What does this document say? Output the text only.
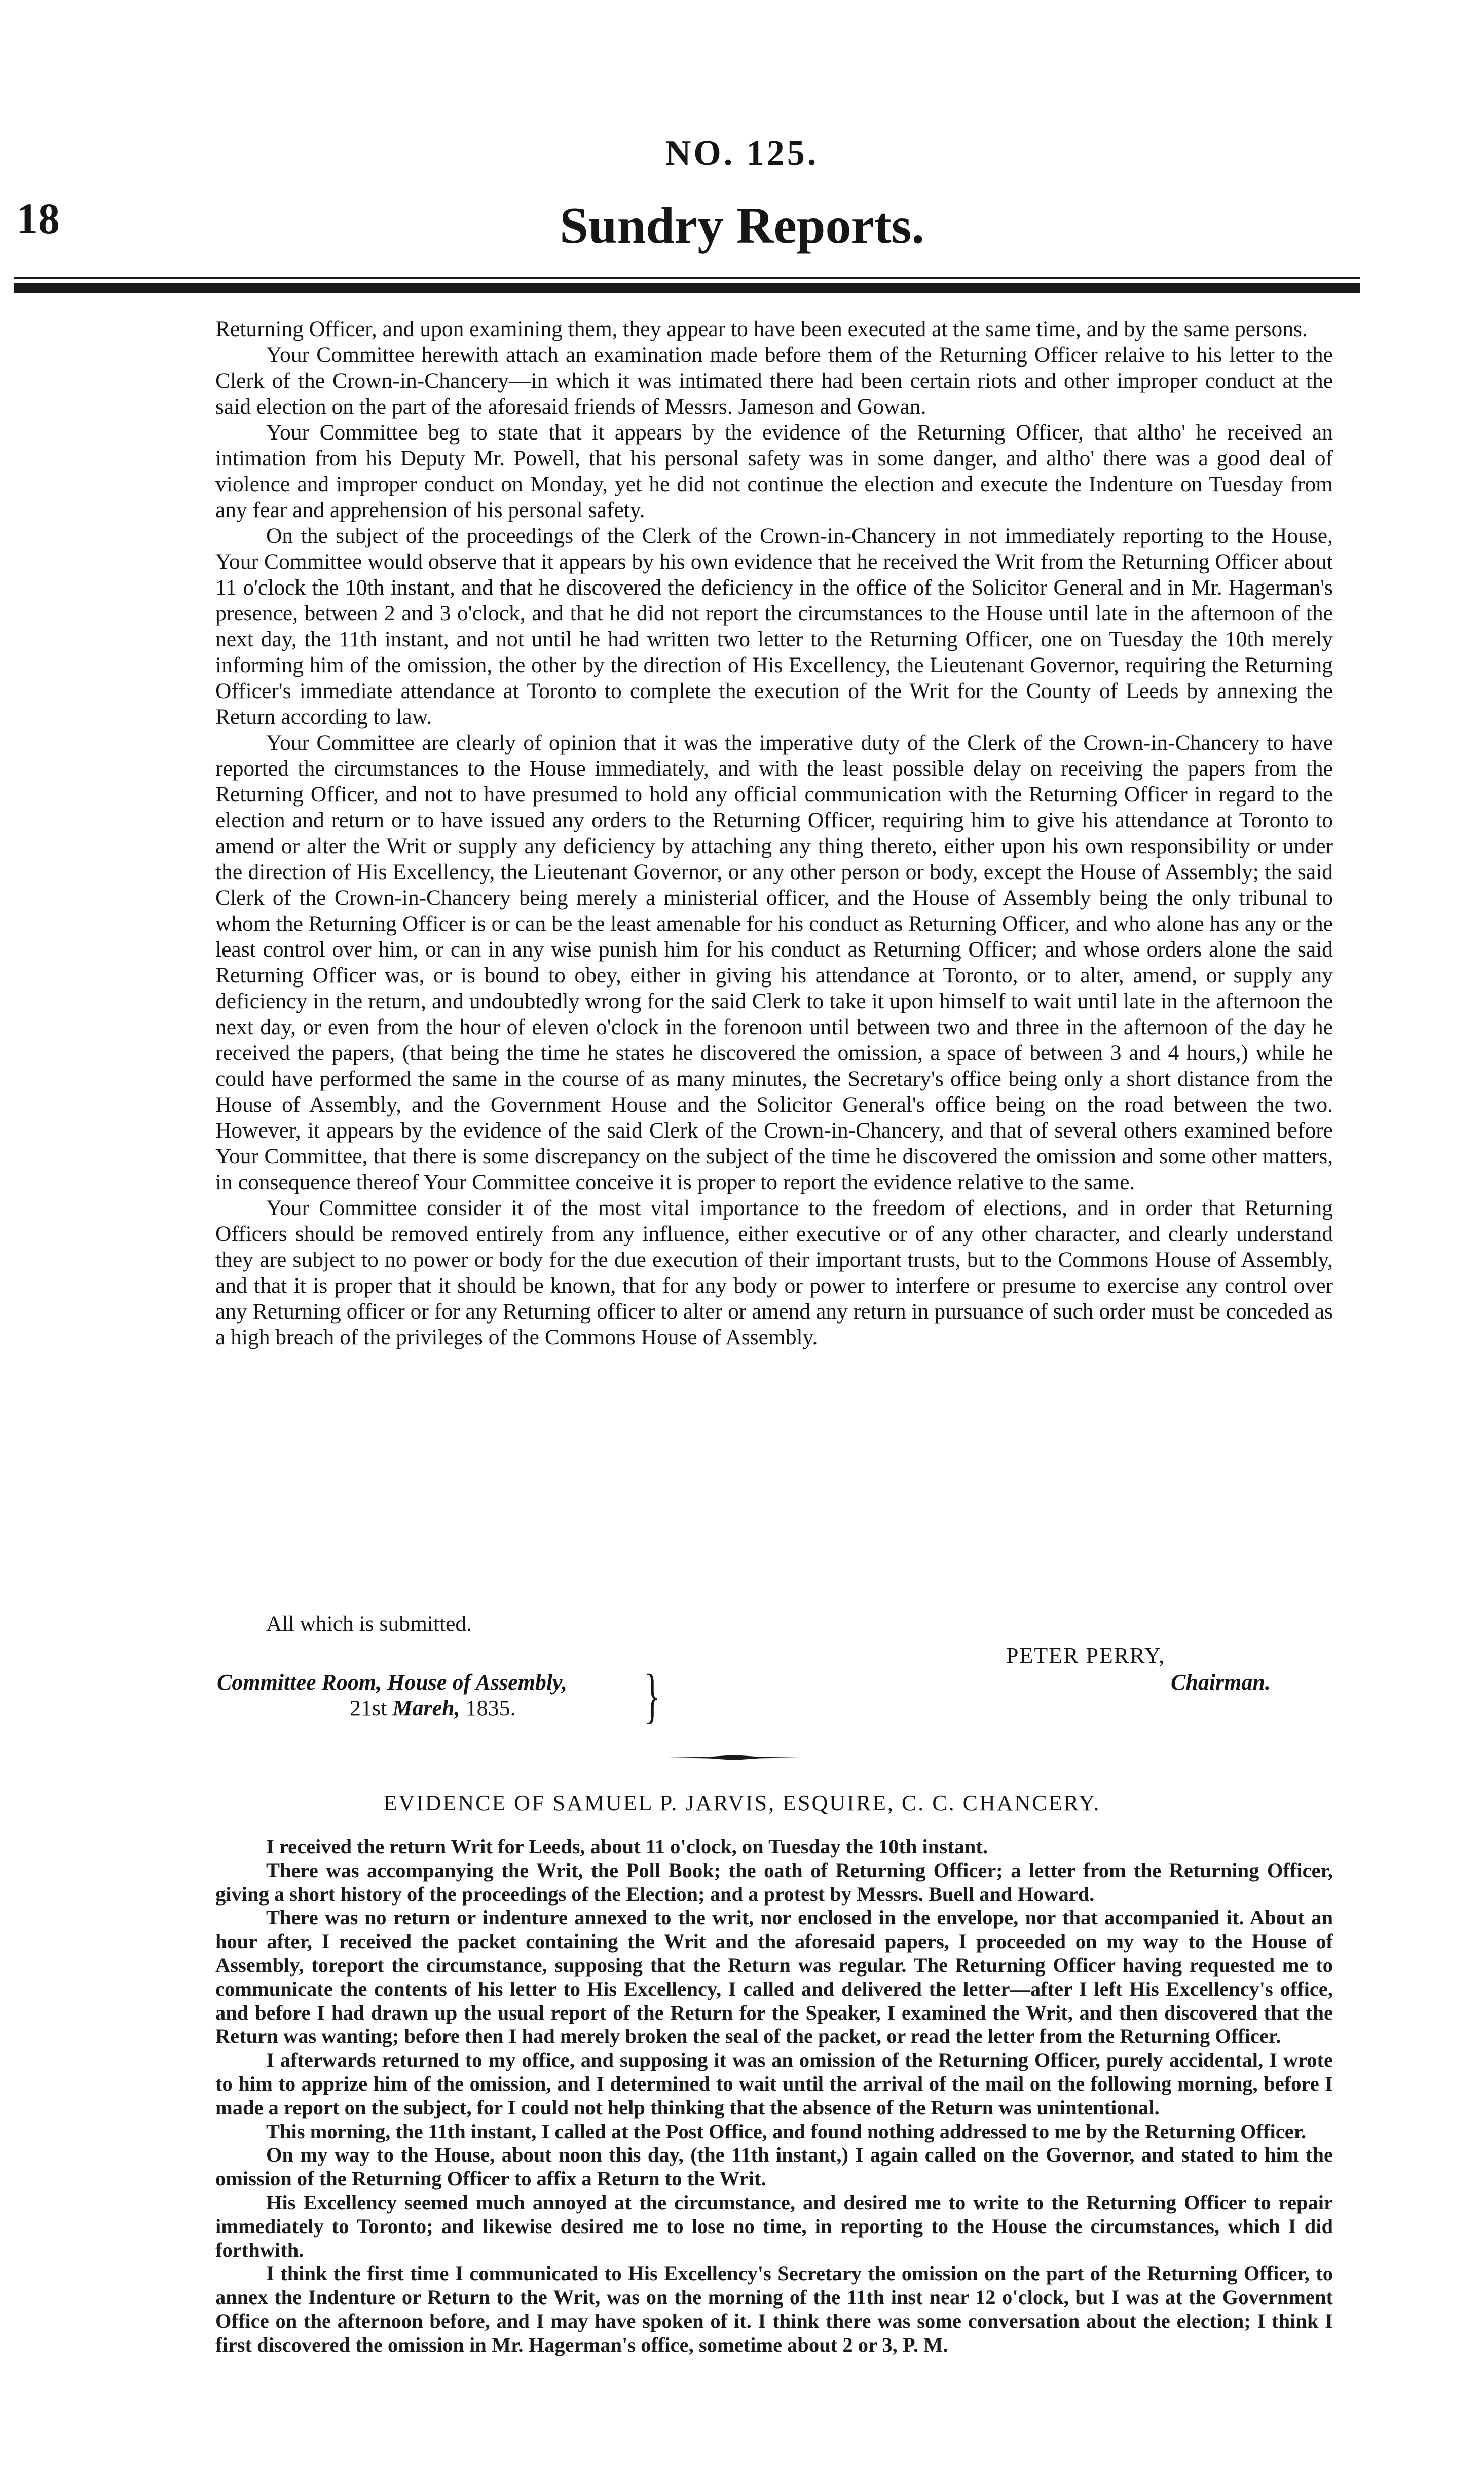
18
NO. 125.
Sundry Reports.

Returning Officer, and upon examining them, they appear to have been executed at the same time, and by the same persons.

Your Committee herewith attach an examination made before them of the Returning Officer relaive to his letter to the Clerk of the Crown-in-Chancery—in which it was intimated there had been certain riots and other improper conduct at the said election on the part of the aforesaid friends of Messrs. Jameson and Gowan.

Your Committee beg to state that it appears by the evidence of the Returning Officer, that altho' he received an intimation from his Deputy Mr. Powell, that his personal safety was in some danger, and altho' there was a good deal of violence and improper conduct on Monday, yet he did not continue the election and execute the Indenture on Tuesday from any fear and apprehension of his personal safety.

On the subject of the proceedings of the Clerk of the Crown-in-Chancery in not immediately reporting to the House, Your Committee would observe that it appears by his own evidence that he received the Writ from the Returning Officer about 11 o'clock the 10th instant, and that he discovered the deficiency in the office of the Solicitor General and in Mr. Hagerman's presence, between 2 and 3 o'clock, and that he did not report the circumstances to the House until late in the afternoon of the next day, the 11th instant, and not until he had written two letter to the Returning Officer, one on Tuesday the 10th merely informing him of the omission, the other by the direction of His Excellency, the Lieutenant Governor, requiring the Returning Officer's immediate attendance at Toronto to complete the execution of the Writ for the County of Leeds by annexing the Return according to law.

Your Committee are clearly of opinion that it was the imperative duty of the Clerk of the Crown-in-Chancery to have reported the circumstances to the House immediately, and with the least possible delay on receiving the papers from the Returning Officer, and not to have presumed to hold any official communication with the Returning Officer in regard to the election and return or to have issued any orders to the Returning Officer, requiring him to give his attendance at Toronto to amend or alter the Writ or supply any deficiency by attaching any thing thereto, either upon his own responsibility or under the direction of His Excellency, the Lieutenant Governor, or any other person or body, except the House of Assembly; the said Clerk of the Crown-in-Chancery being merely a ministerial officer, and the House of Assembly being the only tribunal to whom the Returning Officer is or can be the least amenable for his conduct as Returning Officer, and who alone has any or the least control over him, or can in any wise punish him for his conduct as Returning Officer; and whose orders alone the said Returning Officer was, or is bound to obey, either in giving his attendance at Toronto, or to alter, amend, or supply any deficiency in the return, and undoubtedly wrong for the said Clerk to take it upon himself to wait until late in the afternoon the next day, or even from the hour of eleven o'clock in the forenoon until between two and three in the afternoon of the day he received the papers, (that being the time he states he discovered the omission, a space of between 3 and 4 hours,) while he could have performed the same in the course of as many minutes, the Secretary's office being only a short distance from the House of Assembly, and the Government House and the Solicitor General's office being on the road between the two. However, it appears by the evidence of the said Clerk of the Crown-in-Chancery, and that of several others examined before Your Committee, that there is some discrepancy on the subject of the time he discovered the omission and some other matters, in consequence thereof Your Committee conceive it is proper to report the evidence relative to the same.

Your Committee consider it of the most vital importance to the freedom of elections, and in order that Returning Officers should be removed entirely from any influence, either executive or of any other character, and clearly understand they are subject to no power or body for the due execution of their important trusts, but to the Commons House of Assembly, and that it is proper that it should be known, that for any body or power to interfere or presume to exercise any control over any Returning officer or for any Returning officer to alter or amend any return in pursuance of such order must be conceded as a high breach of the privileges of the Commons House of Assembly.

All which is submitted.
PETER PERRY,
Chairman.
Committee Room, House of Assembly, }
21st Mareh, 1835.
EVIDENCE OF SAMUEL P. JARVIS, ESQUIRE, C. C. CHANCERY.

I received the return Writ for Leeds, about 11 o'clock, on Tuesday the 10th instant.

There was accompanying the Writ, the Poll Book; the oath of Returning Officer; a letter from the Returning Officer, giving a short history of the proceedings of the Election; and a protest by Messrs. Buell and Howard.

There was no return or indenture annexed to the writ, nor enclosed in the envelope, nor that accompanied it. About an hour after, I received the packet containing the Writ and the aforesaid papers, I proceeded on my way to the House of Assembly, toreport the circumstance, supposing that the Return was regular. The Returning Officer having requested me to communicate the contents of his letter to His Excellency, I called and delivered the letter—after I left His Excellency's office, and before I had drawn up the usual report of the Return for the Speaker, I examined the Writ, and then discovered that the Return was wanting; before then I had merely broken the seal of the packet, or read the letter from the Returning Officer.

I afterwards returned to my office, and supposing it was an omission of the Returning Officer, purely accidental, I wrote to him to apprize him of the omission, and I determined to wait until the arrival of the mail on the following morning, before I made a report on the subject, for I could not help thinking that the absence of the Return was unintentional.

This morning, the 11th instant, I called at the Post Office, and found nothing addressed to me by the Returning Officer.

On my way to the House, about noon this day, (the 11th instant,) I again called on the Governor, and stated to him the omission of the Returning Officer to affix a Return to the Writ.

His Excellency seemed much annoyed at the circumstance, and desired me to write to the Returning Officer to repair immediately to Toronto; and likewise desired me to lose no time, in reporting to the House the circumstances, which I did forthwith.

I think the first time I communicated to His Excellency's Secretary the omission on the part of the Returning Officer, to annex the Indenture or Return to the Writ, was on the morning of the 11th inst near 12 o'clock, but I was at the Government Office on the afternoon before, and I may have spoken of it. I think there was some conversation about the election; I think I first discovered the omission in Mr. Hagerman's office, sometime about 2 or 3, P. M.
